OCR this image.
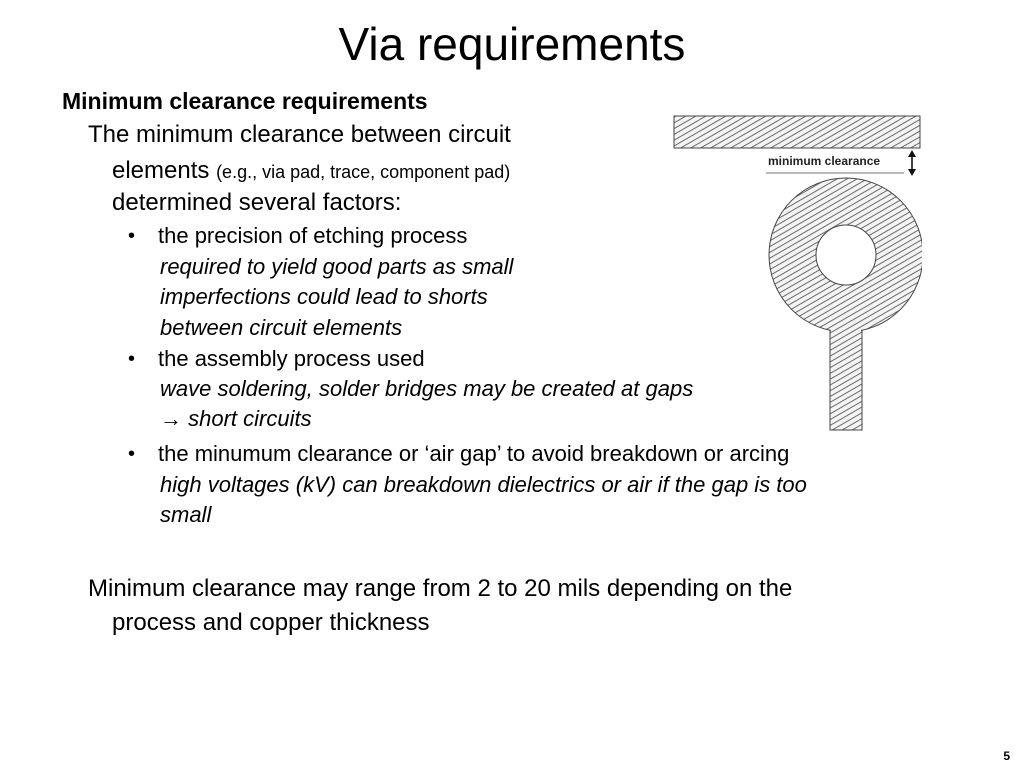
Via requirements
Minimum clearance requirements
The minimum clearance between circuit
elements (e.g., via pad, trace, component pad)
determined several factors:
• the precision of etching process
required to yield good parts as small
imperfections could lead to shorts
between circuit elements
• the assembly process used
wave soldering, solder bridges may be created at gaps
→ short circuits
• the minumum clearance or ‘air gap’ to avoid breakdown or arcing
high voltages (kV) can breakdown dielectrics or air if the gap is too
small
Minimum clearance may range from 2 to 20 mils depending on the
process and copper thickness
minimum clearance
5
